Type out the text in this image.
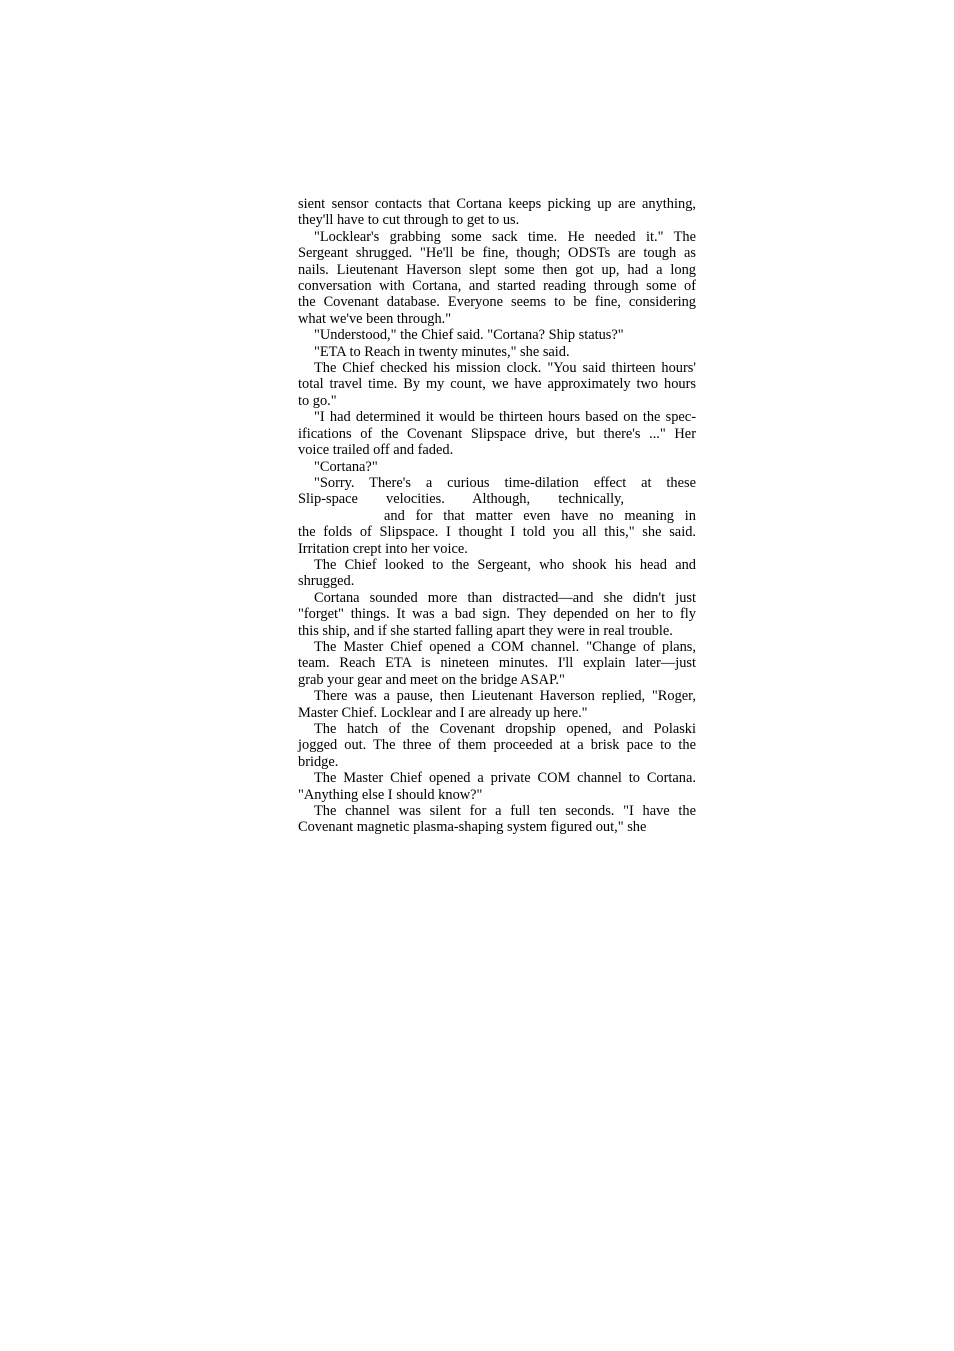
sient sensor contacts that Cortana keeps picking up are anything,
they'll have to cut through to get to us.
"Locklear's grabbing some sack time. He needed it." The
Sergeant shrugged. "He'll be fine, though; ODSTs are tough as
nails. Lieutenant Haverson slept some then got up, had a long
conversation with Cortana, and started reading through some of
the Covenant database. Everyone seems to be fine, considering
what we've been through."
"Understood," the Chief said. "Cortana? Ship status?"
"ETA to Reach in twenty minutes," she said.
The Chief checked his mission clock. "You said thirteen hours'
total travel time. By my count, we have approximately two hours
to go."
"I had determined it would be thirteen hours based on the spec-
ifications of the Covenant Slipspace drive, but there's ..." Her
voice trailed off and faded.
"Cortana?"
"Sorry. There's a curious time-dilation effect at these
Slip-space velocities. Although, technically,
and for that matter even have no meaning in
the folds of Slipspace. I thought I told you all this," she said.
Irritation crept into her voice.
The Chief looked to the Sergeant, who shook his head and
shrugged.
Cortana sounded more than distracted—and she didn't just
"forget" things. It was a bad sign. They depended on her to fly
this ship, and if she started falling apart they were in real trouble.
The Master Chief opened a COM channel. "Change of plans,
team. Reach ETA is nineteen minutes. I'll explain later—just
grab your gear and meet on the bridge ASAP."
There was a pause, then Lieutenant Haverson replied, "Roger,
Master Chief. Locklear and I are already up here."
The hatch of the Covenant dropship opened, and Polaski
jogged out. The three of them proceeded at a brisk pace to the
bridge.
The Master Chief opened a private COM channel to Cortana.
"Anything else I should know?"
The channel was silent for a full ten seconds. "I have the
Covenant magnetic plasma-shaping system figured out," she
